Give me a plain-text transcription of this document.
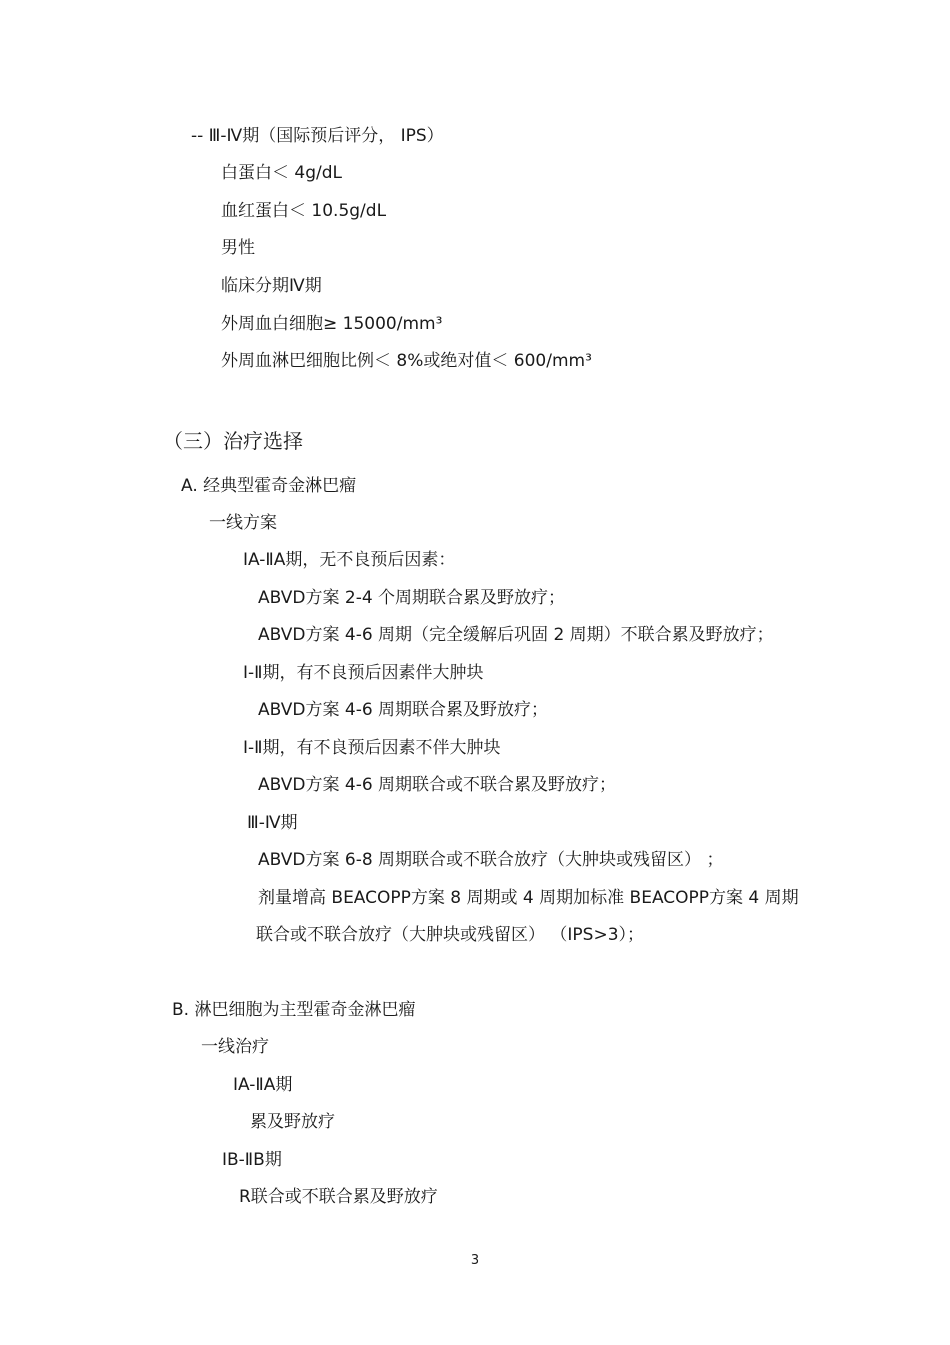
-- Ⅲ-Ⅳ期（国际预后评分， IPS）
白蛋白＜ 4g/dL
血红蛋白＜ 10.5g/dL
男性
临床分期Ⅳ期
外周血白细胞≥ 15000/mm³
外周血淋巴细胞比例＜ 8%或绝对值＜ 600/mm³
（三）治疗选择
A. 经典型霍奇金淋巴瘤
一线方案
ⅠA-ⅡA期，无不良预后因素：
ABVD方案 2-4 个周期联合累及野放疗；
ABVD方案 4-6 周期（完全缓解后巩固 2 周期）不联合累及野放疗；
Ⅰ-Ⅱ期，有不良预后因素伴大肿块
ABVD方案 4-6 周期联合累及野放疗；
Ⅰ-Ⅱ期，有不良预后因素不伴大肿块
ABVD方案 4-6 周期联合或不联合累及野放疗；
Ⅲ-Ⅳ期
ABVD方案 6-8 周期联合或不联合放疗（大肿块或残留区） ；
剂量增高 BEACOPP方案 8 周期或 4 周期加标准 BEACOPP方案 4 周期
联合或不联合放疗（大肿块或残留区） （IPS>3）；
B. 淋巴细胞为主型霍奇金淋巴瘤
一线治疗
ⅠA-ⅡA期
累及野放疗
ⅠB-ⅡB期
R联合或不联合累及野放疗
3
